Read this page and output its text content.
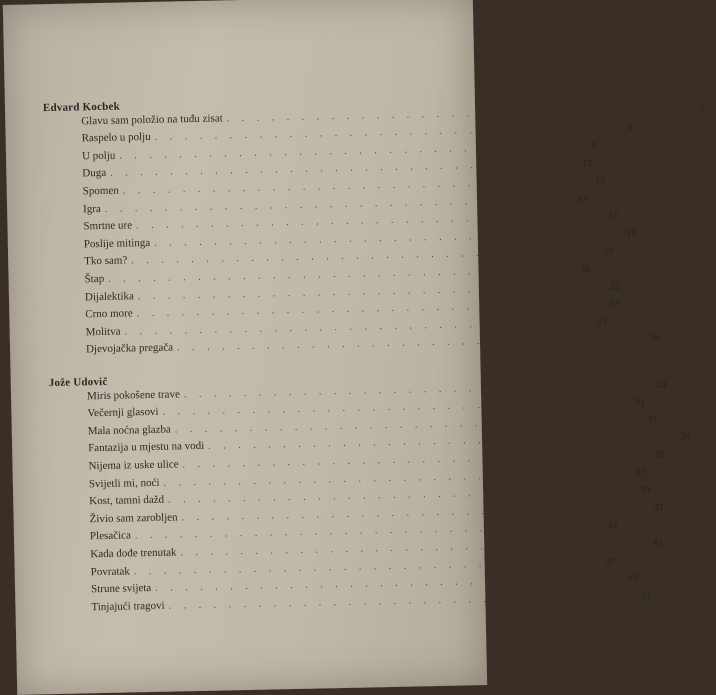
Edvard Kocbek
Glavu sam položio na tuđu zisat . . . . . . . . . . . . . . . . . . . . . . . . . . . . . . . . 7
Raspelo u polju . . . . . . . . . . . . . . . . . . . . . . . . . . . . . . . . 8
U polju . . . . . . . . . . . . . . . . . . . . . . . . . . . . . . . . 9
Duga . . . . . . . . . . . . . . . . . . . . . . . . . . . . . . . . 11
Spomen . . . . . . . . . . . . . . . . . . . . . . . . . . . . . . . . 12
Igra . . . . . . . . . . . . . . . . . . . . . . . . . . . . . . . . 13
Smrtne ure . . . . . . . . . . . . . . . . . . . . . . . . . . . . . . . . 15
Poslije mitinga . . . . . . . . . . . . . . . . . . . . . . . . . . . . . . . . 16
Tko sam? . . . . . . . . . . . . . . . . . . . . . . . . . . . . . . . . 18
Štap . . . . . . . . . . . . . . . . . . . . . . . . . . . . . . . . 20
Dijalektika . . . . . . . . . . . . . . . . . . . . . . . . . . . . . . . . 22
Crno more . . . . . . . . . . . . . . . . . . . . . . . . . . . . . . . . 23
Molitva . . . . . . . . . . . . . . . . . . . . . . . . . . . . . . . . 24
Djevojačka pregača . . . . . . . . . . . . . . . . . . . . . . . . . . . . . . . . 26
Jože Udovič
Miris pokošene trave . . . . . . . . . . . . . . . . . . . . . . . . . . . . . . . . 29
Večernji glasovi . . . . . . . . . . . . . . . . . . . . . . . . . . . . . . . . 31
Mala noćna glazba . . . . . . . . . . . . . . . . . . . . . . . . . . . . . . . . 33
Fantazija u mjestu na vodi . . . . . . . . . . . . . . . . . . . . . . . . . . . . . . . . 34
Nijema iz uske ulice . . . . . . . . . . . . . . . . . . . . . . . . . . . . . . . . 35
Svijetli mi, noći . . . . . . . . . . . . . . . . . . . . . . . . . . . . . . . . 37
Kost, tamni dažd . . . . . . . . . . . . . . . . . . . . . . . . . . . . . . . . 39
Živio sam zarobljen . . . . . . . . . . . . . . . . . . . . . . . . . . . . . . . . 41
Plesačica . . . . . . . . . . . . . . . . . . . . . . . . . . . . . . . . 43
Kada dođe trenutak . . . . . . . . . . . . . . . . . . . . . . . . . . . . . . . . 45
Povratak . . . . . . . . . . . . . . . . . . . . . . . . . . . . . . . . 47
Strune svijeta . . . . . . . . . . . . . . . . . . . . . . . . . . . . . . . . 49
Tinjajući tragovi . . . . . . . . . . . . . . . . . . . . . . . . . . . . . . . . 51
